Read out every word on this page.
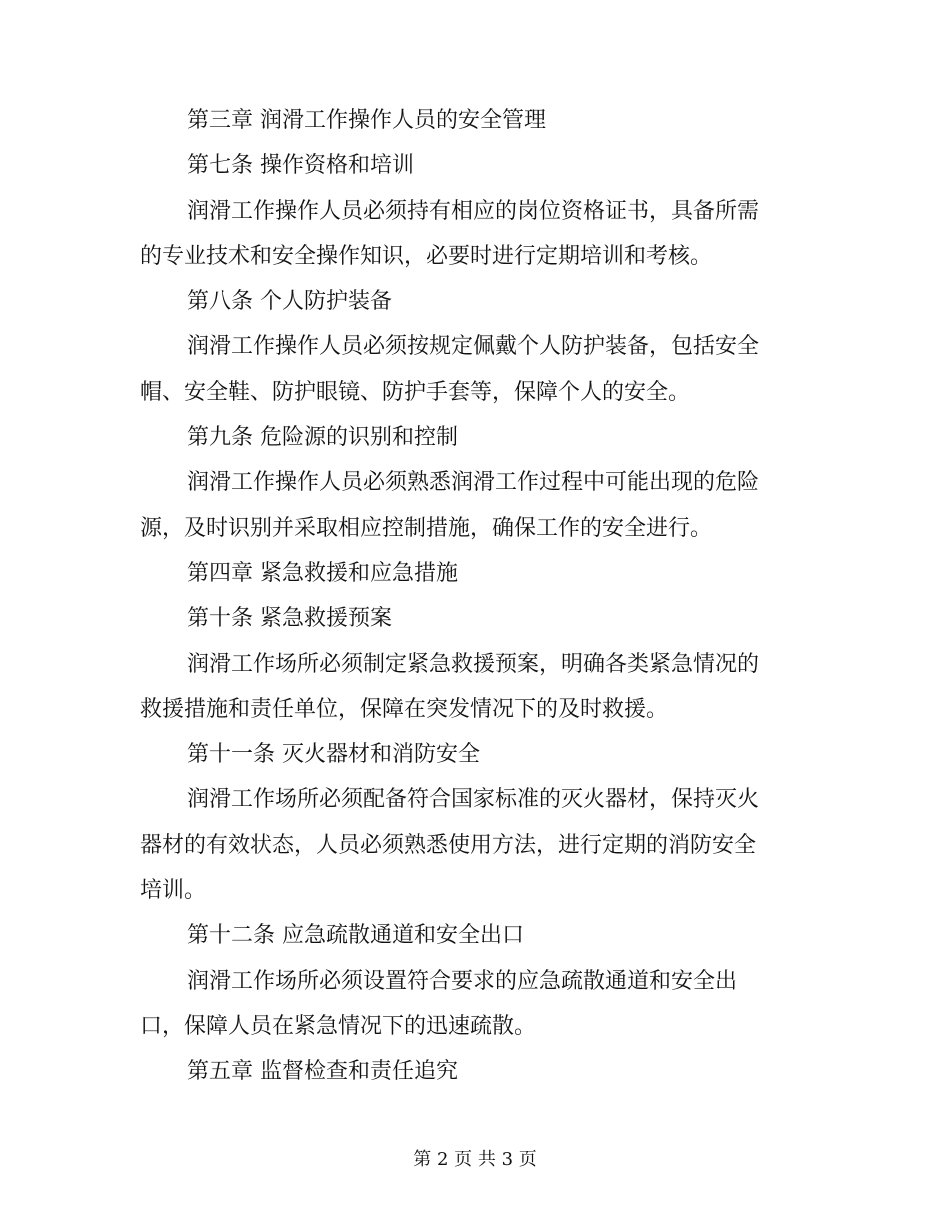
第三章 润滑工作操作人员的安全管理
第七条 操作资格和培训
润滑工作操作人员必须持有相应的岗位资格证书，具备所需
的专业技术和安全操作知识，必要时进行定期培训和考核。
第八条 个人防护装备
润滑工作操作人员必须按规定佩戴个人防护装备，包括安全
帽、安全鞋、防护眼镜、防护手套等，保障个人的安全。
第九条 危险源的识别和控制
润滑工作操作人员必须熟悉润滑工作过程中可能出现的危险
源，及时识别并采取相应控制措施，确保工作的安全进行。
第四章 紧急救援和应急措施
第十条 紧急救援预案
润滑工作场所必须制定紧急救援预案，明确各类紧急情况的
救援措施和责任单位，保障在突发情况下的及时救援。
第十一条 灭火器材和消防安全
润滑工作场所必须配备符合国家标准的灭火器材，保持灭火
器材的有效状态，人员必须熟悉使用方法，进行定期的消防安全
培训。
第十二条 应急疏散通道和安全出口
润滑工作场所必须设置符合要求的应急疏散通道和安全出
口，保障人员在紧急情况下的迅速疏散。
第五章 监督检查和责任追究
第 2 页 共 3 页
